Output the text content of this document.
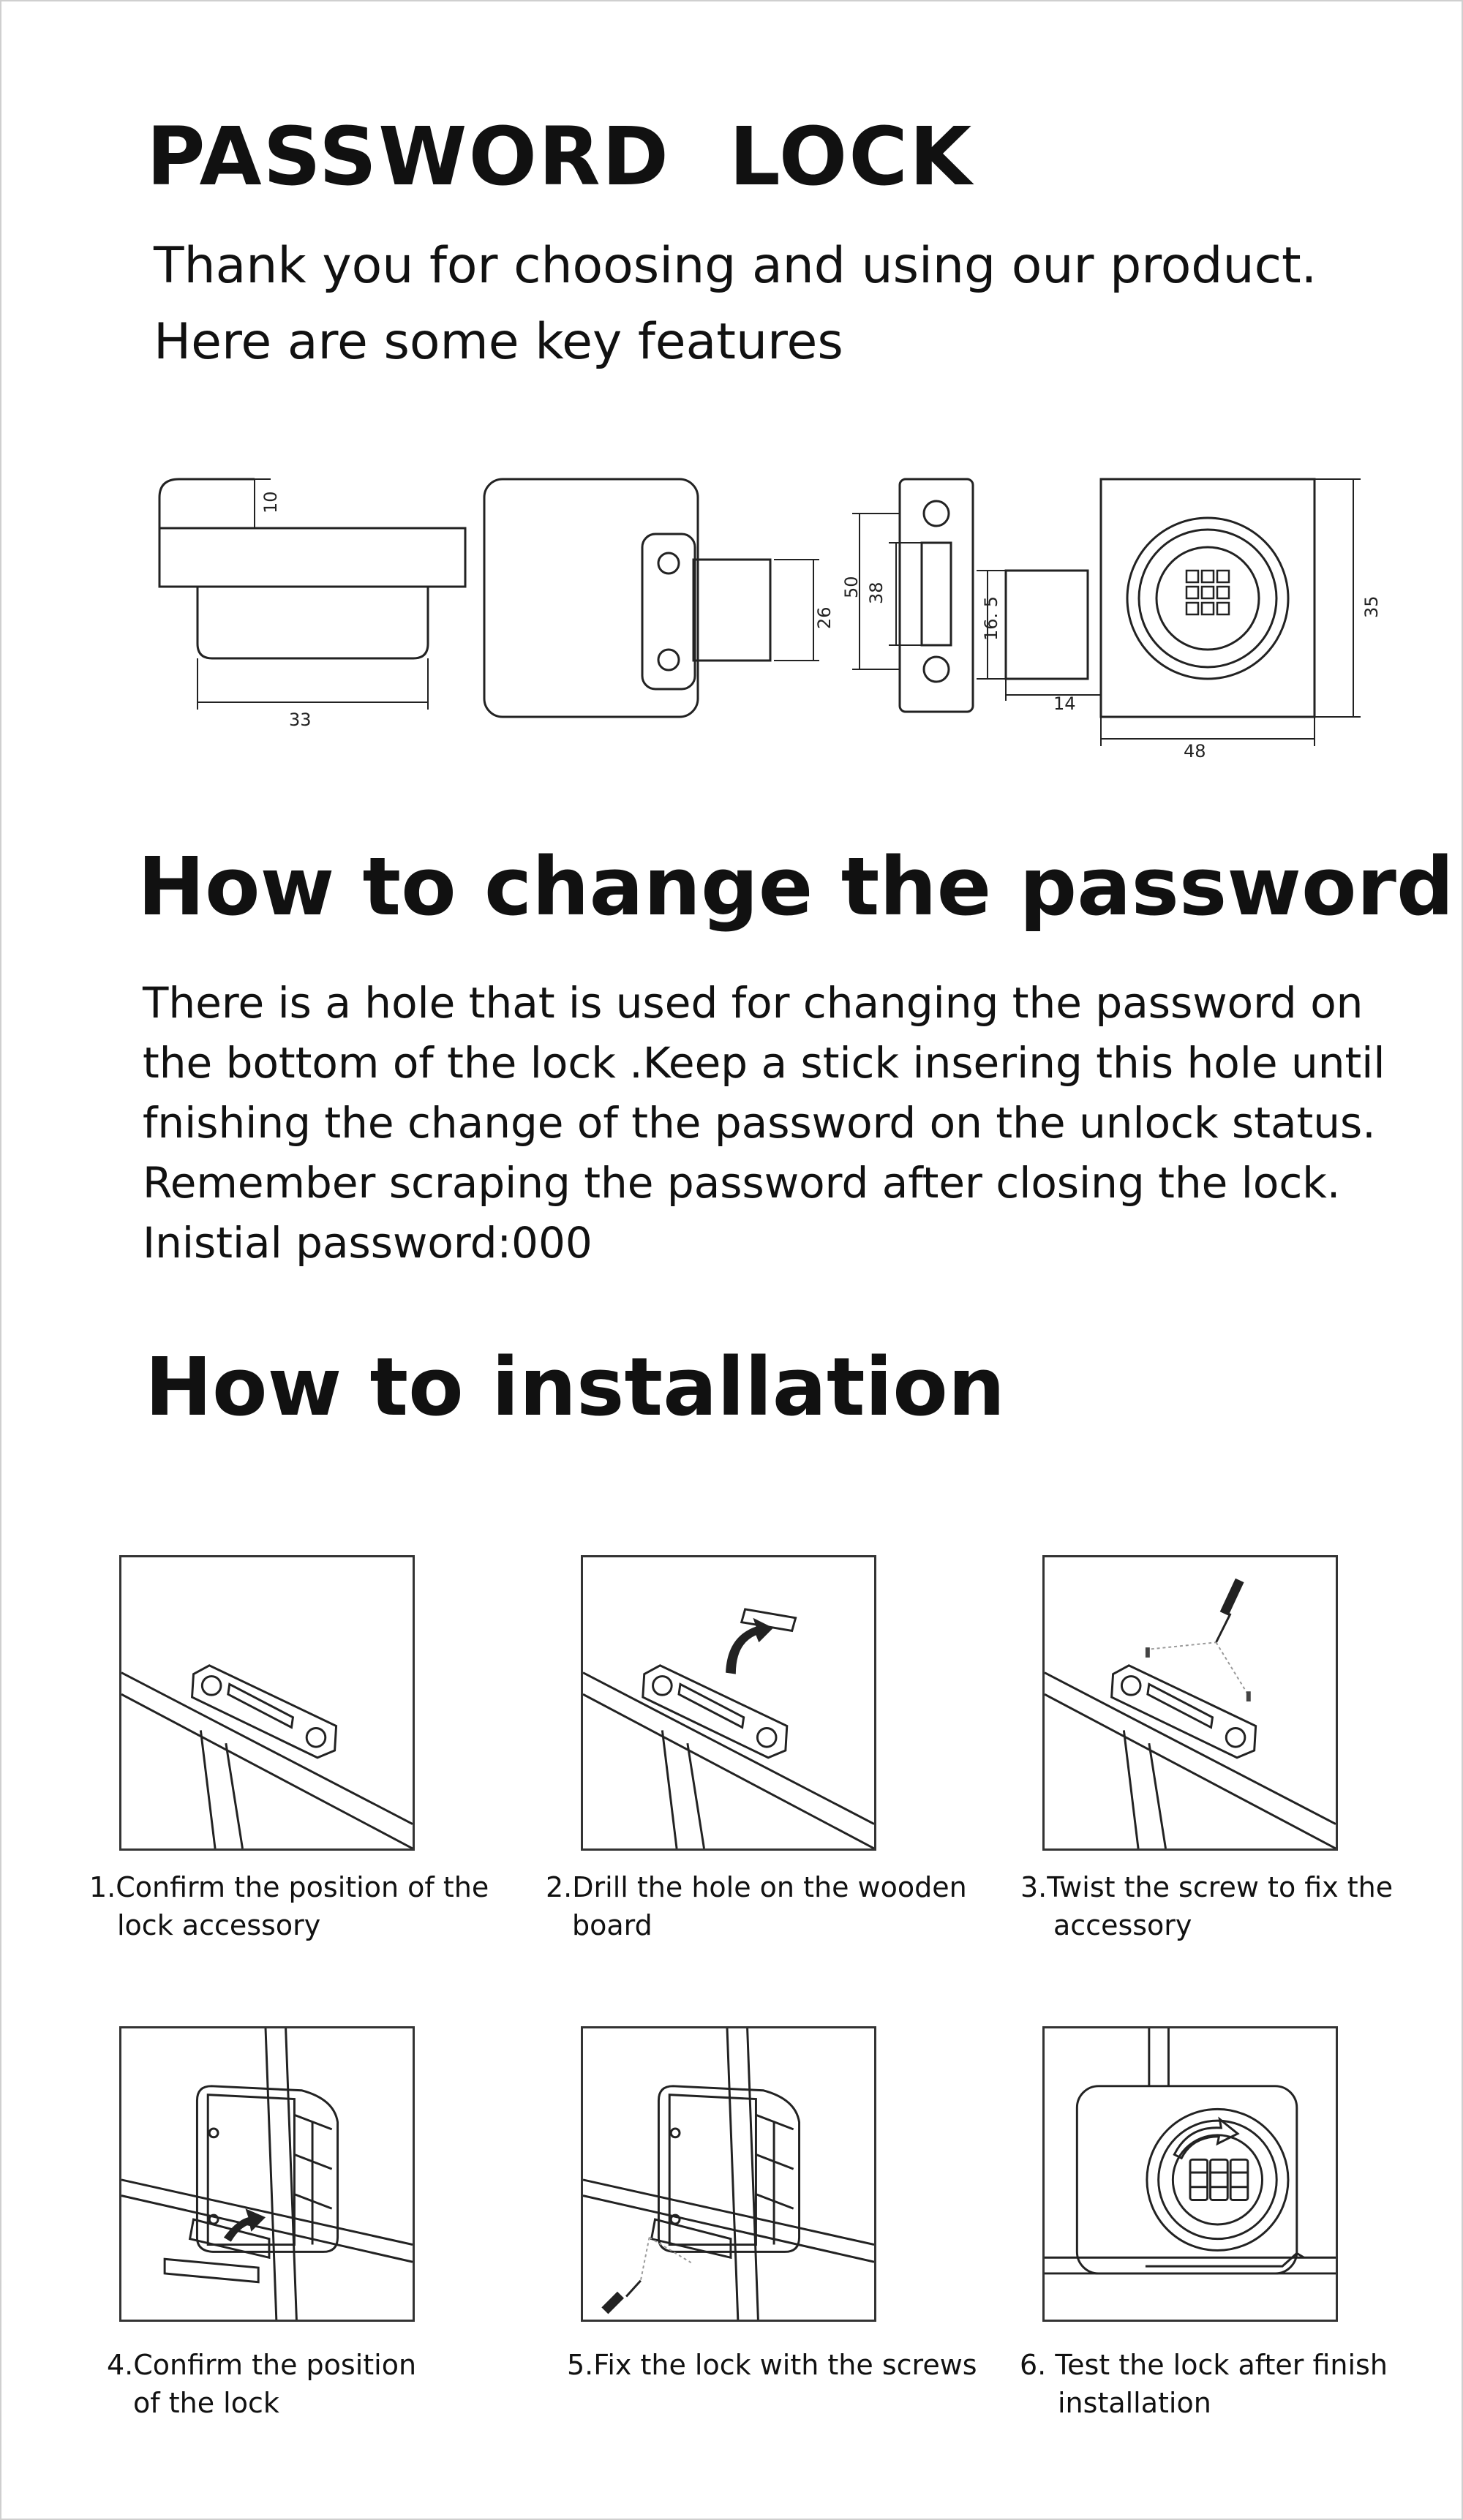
PASSWORD  LOCK
Thank you for choosing and using our product.
Here are some key features
10
33
26
50 38
16. 5
14
48
35
How to change the password
There is a hole that is used for changing the password on
the bottom of the lock .Keep a stick insering this hole until
fnishing the change of the password on the unlock status.
Remember scraping the password after closing the lock.
Inistial password:000
How to installation
1.Confirm the position of the
lock accessory
2.Drill the hole on the wooden
board
3.Twist the screw to fix the
accessory
4.Confirm the position
of the lock
5.Fix the lock with the screws 6. Test the lock after finish
installation
